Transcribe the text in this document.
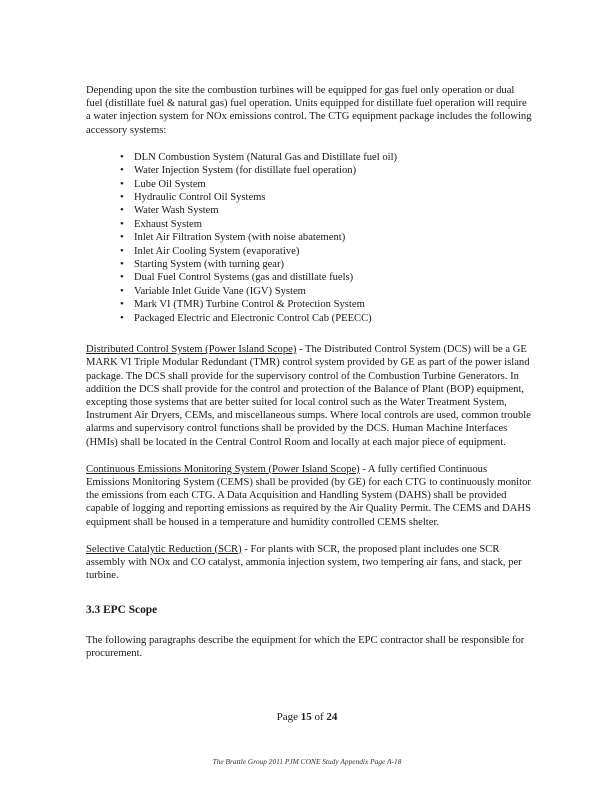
Depending upon the site the combustion turbines will be equipped for gas fuel only operation or dual fuel (distillate fuel & natural gas) fuel operation. Units equipped for distillate fuel operation will require a water injection system for NOx emissions control. The CTG equipment package includes the following accessory systems:

• DLN Combustion System (Natural Gas and Distillate fuel oil)
• Water Injection System (for distillate fuel operation)
• Lube Oil System
• Hydraulic Control Oil Systems
• Water Wash System
• Exhaust System
• Inlet Air Filtration System (with noise abatement)
• Inlet Air Cooling System (evaporative)
• Starting System (with turning gear)
• Dual Fuel Control Systems (gas and distillate fuels)
• Variable Inlet Guide Vane (IGV) System
• Mark VI (TMR) Turbine Control & Protection System
• Packaged Electric and Electronic Control Cab (PEECC)

Distributed Control System (Power Island Scope) - The Distributed Control System (DCS) will be a GE MARK VI Triple Modular Redundant (TMR) control system provided by GE as part of the power island package. The DCS shall provide for the supervisory control of the Combustion Turbine Generators. In addition the DCS shall provide for the control and protection of the Balance of Plant (BOP) equipment, excepting those systems that are better suited for local control such as the Water Treatment System, Instrument Air Dryers, CEMs, and miscellaneous sumps. Where local controls are used, common trouble alarms and supervisory control functions shall be provided by the DCS. Human Machine Interfaces (HMIs) shall be located in the Central Control Room and locally at each major piece of equipment.

Continuous Emissions Monitoring System (Power Island Scope) - A fully certified Continuous Emissions Monitoring System (CEMS) shall be provided (by GE) for each CTG to continuously monitor the emissions from each CTG. A Data Acquisition and Handling System (DAHS) shall be provided capable of logging and reporting emissions as required by the Air Quality Permit. The CEMS and DAHS equipment shall be housed in a temperature and humidity controlled CEMS shelter.

Selective Catalytic Reduction (SCR) - For plants with SCR, the proposed plant includes one SCR assembly with NOx and CO catalyst, ammonia injection system, two tempering air fans, and stack, per turbine.

3.3 EPC Scope

The following paragraphs describe the equipment for which the EPC contractor shall be responsible for procurement.

Page 15 of 24
The Brattle Group 2011 PJM CONE Study Appendix Page A-18
